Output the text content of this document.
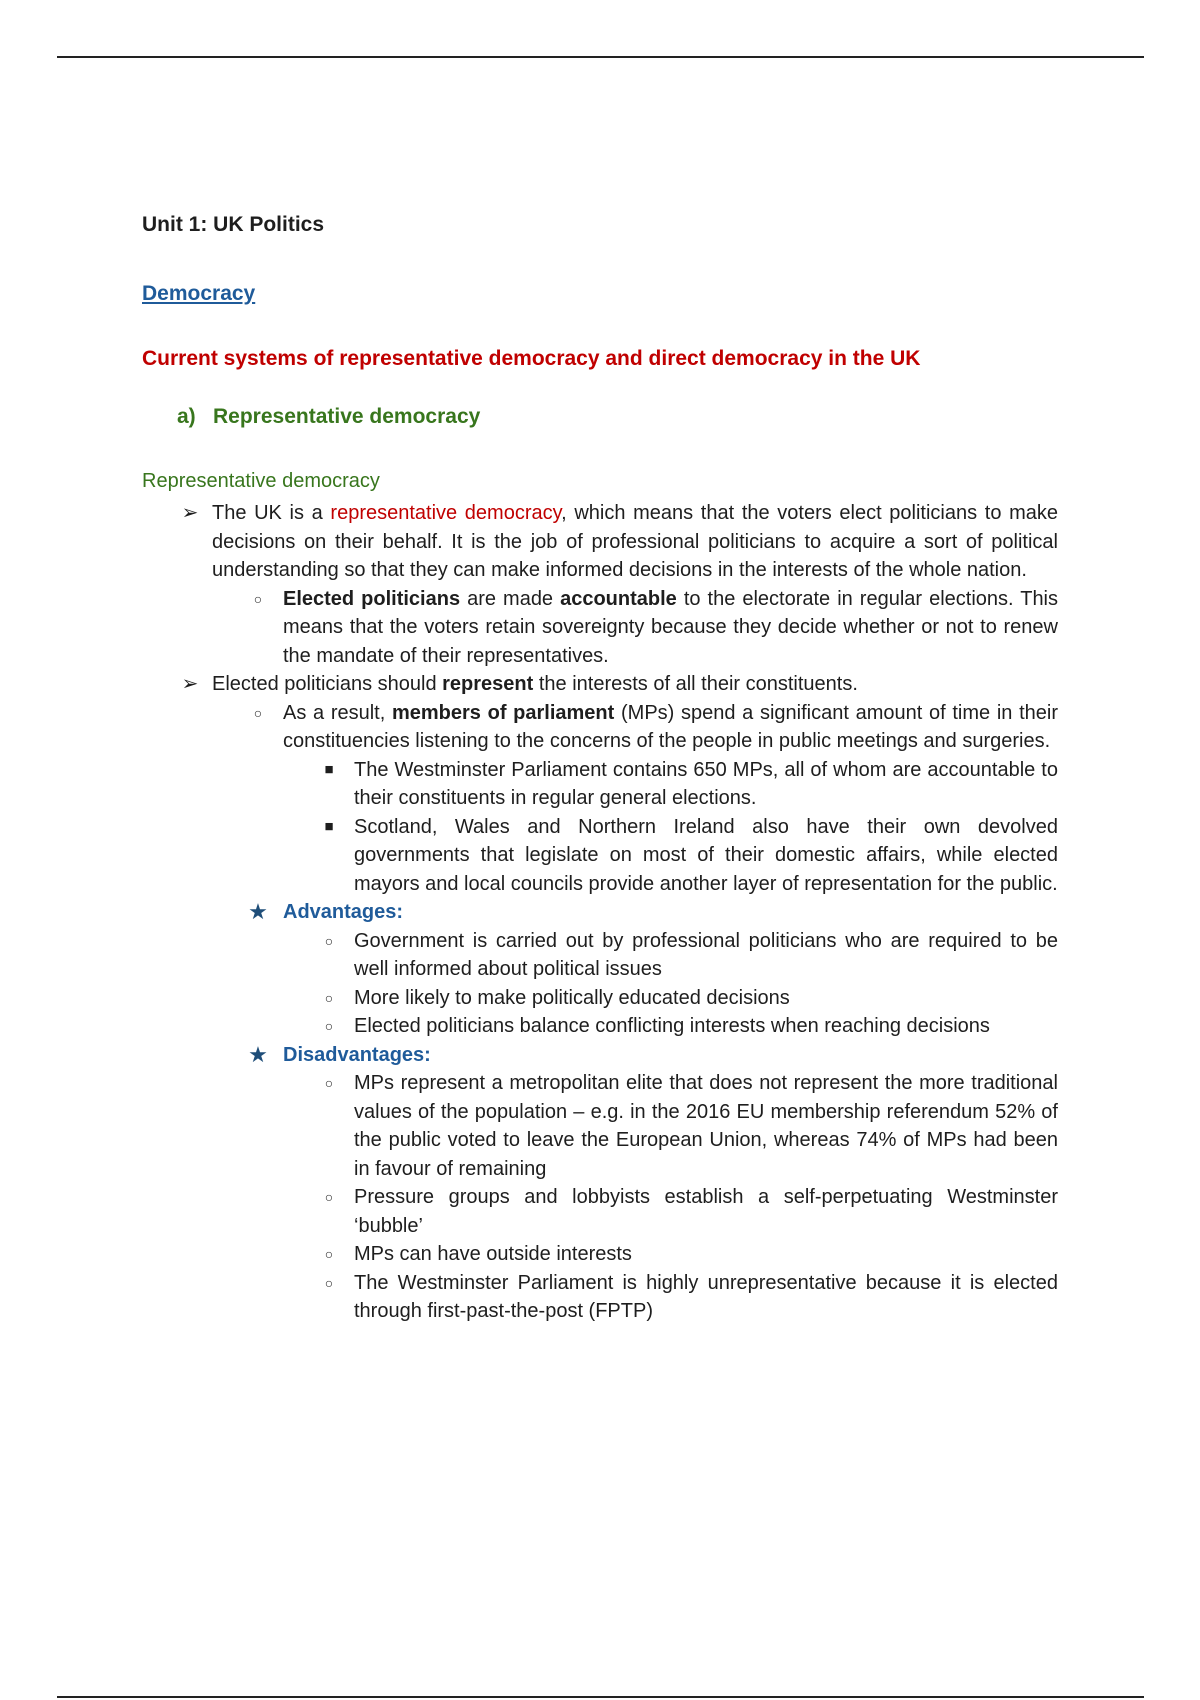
Unit 1: UK Politics
Democracy
Current systems of representative democracy and direct democracy in the UK
a) Representative democracy
Representative democracy
➢ The UK is a representative democracy, which means that the voters elect politicians to make decisions on their behalf. It is the job of professional politicians to acquire a sort of political understanding so that they can make informed decisions in the interests of the whole nation.
○	Elected politicians are made accountable to the electorate in regular elections. This means that the voters retain sovereignty because they decide whether or not to renew the mandate of their representatives.
➢ Elected politicians should represent the interests of all their constituents.
○	As a result, members of parliament (MPs) spend a significant amount of time in their constituencies listening to the concerns of the people in public meetings and surgeries.
■	The Westminster Parliament contains 650 MPs, all of whom are accountable to their constituents in regular general elections.
■	Scotland, Wales and Northern Ireland also have their own devolved governments that legislate on most of their domestic affairs, while elected mayors and local councils provide another layer of representation for the public.
★ Advantages:
○	Government is carried out by professional politicians who are required to be well informed about political issues
○	More likely to make politically educated decisions
○	Elected politicians balance conflicting interests when reaching decisions
★ Disadvantages:
○	MPs represent a metropolitan elite that does not represent the more traditional values of the population – e.g. in the 2016 EU membership referendum 52% of the public voted to leave the European Union, whereas 74% of MPs had been in favour of remaining
○	Pressure groups and lobbyists establish a self-perpetuating Westminster ‘bubble’
○	MPs can have outside interests
○	The Westminster Parliament is highly unrepresentative because it is elected through first-past-the-post (FPTP)
